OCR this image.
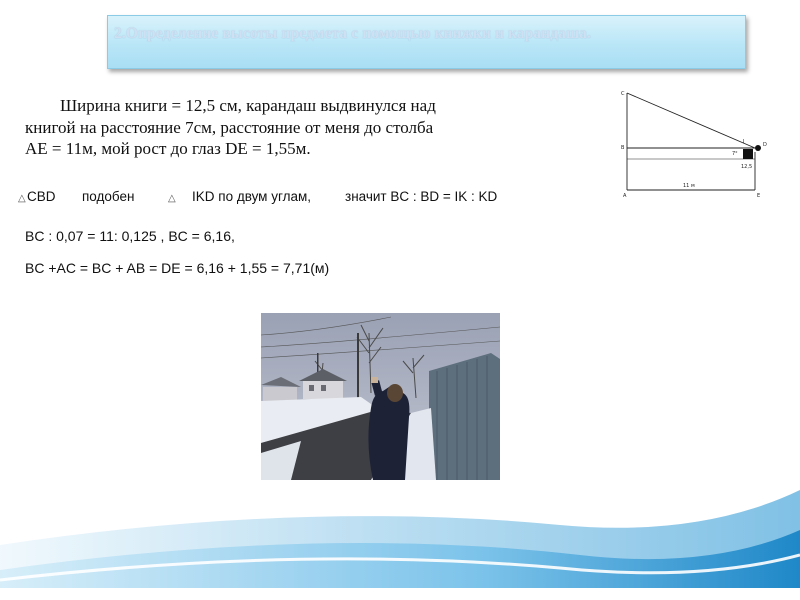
2.Определение высоты предмета с помощью книжки и карандаша.
Ширина книги = 12,5 см, карандаш выдвинулся над
книгой на расстояние 7см, расстояние от меня до столба
АЕ = 11м, мой рост до глаз DE = 1,55м.
△ CBD подобен	△ IKD по двум углам,	значит BC : BD = IK : KD
BC : 0,07 = 11: 0,125 , BC = 6,16,
BC +AC = BC + AB = DE = 6,16 + 1,55 = 7,71(м)
C
B
A
I	D
E
7°
12,5
11 м
